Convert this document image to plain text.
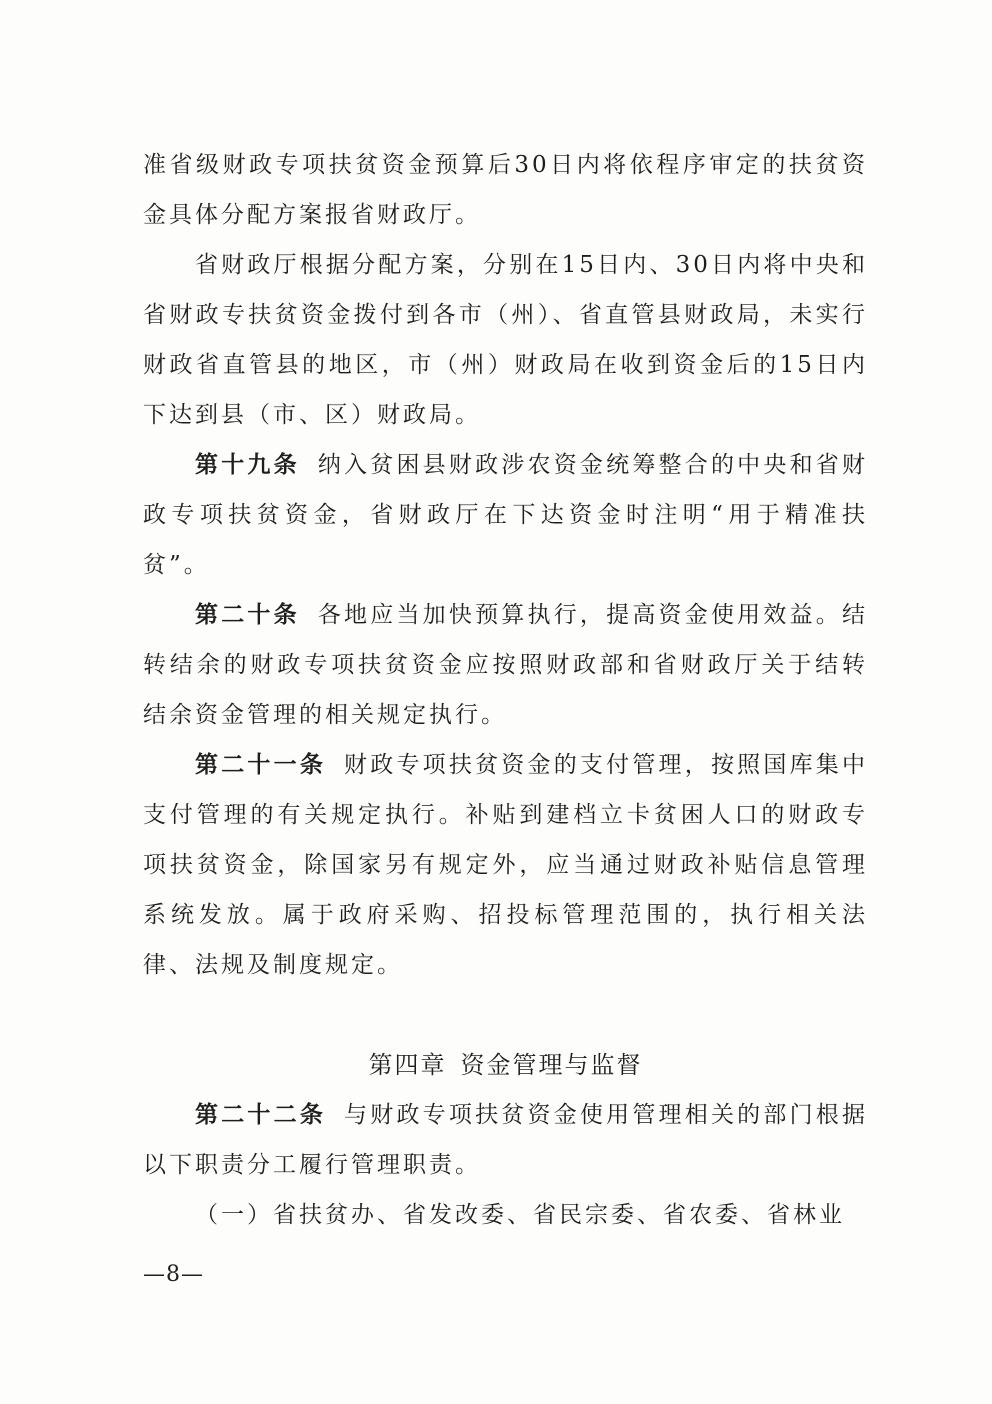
准省级财政专项扶贫资金预算后30日内将依程序审定的扶贫资金具体分配方案报省财政厅。

省财政厅根据分配方案，分别在15日内、30日内将中央和省财政专扶贫资金拨付到各市（州）、省直管县财政局，未实行财政省直管县的地区，市（州）财政局在收到资金后的15日内下达到县（市、区）财政局。

第十九条 纳入贫困县财政涉农资金统筹整合的中央和省财政专项扶贫资金，省财政厅在下达资金时注明“用于精准扶贫”。

第二十条 各地应当加快预算执行，提高资金使用效益。结转结余的财政专项扶贫资金应按照财政部和省财政厅关于结转结余资金管理的相关规定执行。

第二十一条 财政专项扶贫资金的支付管理，按照国库集中支付管理的有关规定执行。补贴到建档立卡贫困人口的财政专项扶贫资金，除国家另有规定外，应当通过财政补贴信息管理系统发放。属于政府采购、招投标管理范围的，执行相关法律、法规及制度规定。

第四章 资金管理与监督

第二十二条 与财政专项扶贫资金使用管理相关的部门根据以下职责分工履行管理职责。

（一）省扶贫办、省发改委、省民宗委、省农委、省林业

—8—
